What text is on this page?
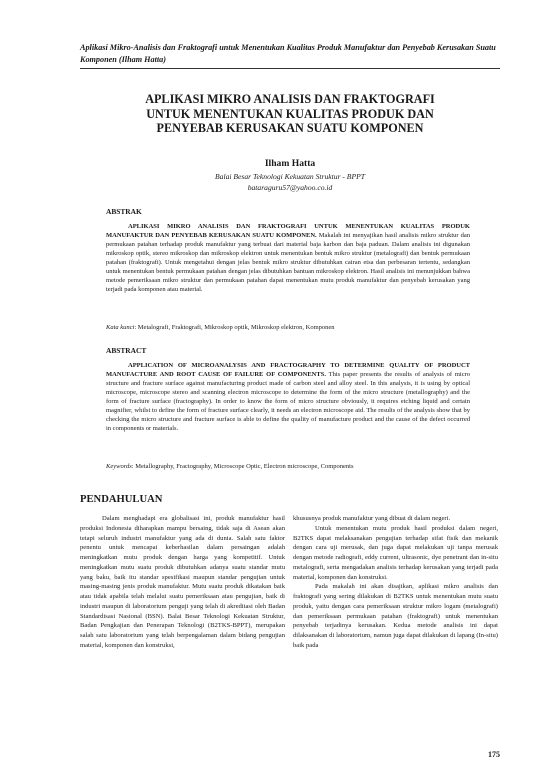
Aplikasi Mikro-Analisis dan Fraktografi untuk Menentukan Kualitas Produk Manufaktur dan Penyebab Kerusakan Suatu Komponen (Ilham Hatta)
APLIKASI MIKRO ANALISIS DAN FRAKTOGRAFI
UNTUK MENENTUKAN KUALITAS PRODUK DAN
PENYEBAB KERUSAKAN SUATU KOMPONEN
Ilham Hatta
Balai Besar Teknologi Kekuatan Struktur - BPPT
bataraguru57@yahoo.co.id
ABSTRAK
APLIKASI MIKRO ANALISIS DAN FRAKTOGRAFI UNTUK MENENTUKAN KUALITAS PRODUK MANUFAKTUR DAN PENYEBAB KERUSAKAN SUATU KOMPONEN. Makalah ini menyajikan hasil analisis mikro struktur dan permukaan patahan terhadap produk manufaktur yang terbuat dari material baja karbon dan baja paduan. Dalam analisis ini digunakan mikroskop optik, stereo mikroskop dan mikroskop elektron untuk menentukan bentuk mikro struktur (metalografi) dan bentuk permukaan patahan (fraktografi). Untuk mengetahui dengan jelas bentuk mikro struktur dibutuhkan cairan etsa dan perbesaran tertentu, sedangkan untuk menentukan bentuk permukaan patahan dengan jelas dibutuhkan bantuan mikroskop elektron. Hasil analisis ini menunjukkan bahwa metode pemeriksaan mikro struktur dan permukaan patahan dapat menentukan mutu produk manufaktur dan penyebab kerusakan yang terjadi pada komponen atau material.
Kata kunci: Metalografi, Fraktografi, Mikroskop optik, Mikroskop elektron, Komponen
ABSTRACT
APPLICATION OF MICROANALYSIS AND FRACTOGRAPHY TO DETERMINE QUALITY OF PRODUCT MANUFACTURE AND ROOT CAUSE OF FAILURE OF COMPONENTS. This paper presents the results of analysis of micro structure and fracture surface against manufacturing product made of carbon steel and alloy steel. In this analysis, it is using by optical microscope, microscope stereo and scanning electron microscope to determine the form of the micro structure (metallography) and the form of fracture surface (fractography). In order to know the form of micro structure obviously, it requires etching liquid and certain magnifier, whilst to define the form of fracture surface clearly, it needs an electron microscope aid. The results of the analysis show that by checking the micro structure and fracture surface is able to define the quality of manufacture product and the cause of the defect occurred in components or materials.
Keywords: Metallography, Fractography, Microscope Optic, Electron microscope, Components
PENDAHULUAN

Dalam menghadapi era globalisasi ini, produk manufaktur hasil produksi Indonesia diharapkan mampu bersaing, tidak saja di Asean akan tetapi seluruh industri manufaktur yang ada di dunia. Salah satu faktor penentu untuk mencapai keberhasilan dalam persaingan adalah meningkatkan mutu produk dengan harga yang kompetitif. Untuk meningkatkan mutu suatu produk dibutuhkan adanya suatu standar mutu yang baku, baik itu standar spesifikasi maupun standar pengujian untuk masing-masing jenis produk manufaktur. Mutu suatu produk dikatakan baik atau tidak apabila telah melalui suatu pemeriksaan atau pengujian, baik di industri maupun di laboratorium penguji yang telah di akreditasi oleh Badan Standardisasi Nasional (BSN). Balai Besar Teknologi Kekuatan Struktur, Badan Pengkajian dan Penerapan Teknologi (B2TKS-BPPT), merupakan salah satu laboratorium yang telah berpengalaman dalam bidang pengujian material, komponen dan konstruksi,

khususnya produk manufaktur yang dibuat di dalam negeri.

Untuk menentukan mutu produk hasil produksi dalam negeri, B2TKS dapat melaksanakan pengujian terhadap sifat fisik dan mekanik dengan cara uji merusak, dan juga dapat melakukan uji tanpa merusak dengan metode radiografi, eddy current, ultrasonic, dye penetrant dan in-situ metalografi, serta mengadakan analisis terhadap kerusakan yang terjadi pada material, komponen dan konstruksi.

Pada makalah ini akan disajikan, aplikasi mikro analisis dan fraktografi yang sering dilakukan di B2TKS untuk menentukan mutu suatu produk, yaitu dengan cara pemeriksaan struktur mikro logam (metalografi) dan pemeriksaan permukaan patahan (fraktografi) untuk menentukan penyebab terjadinya kerusakan. Kedua metode analisis ini dapat dilaksanakan di laboratorium, namun juga dapat dilakukan di lapang (In-situ) baik pada

175
